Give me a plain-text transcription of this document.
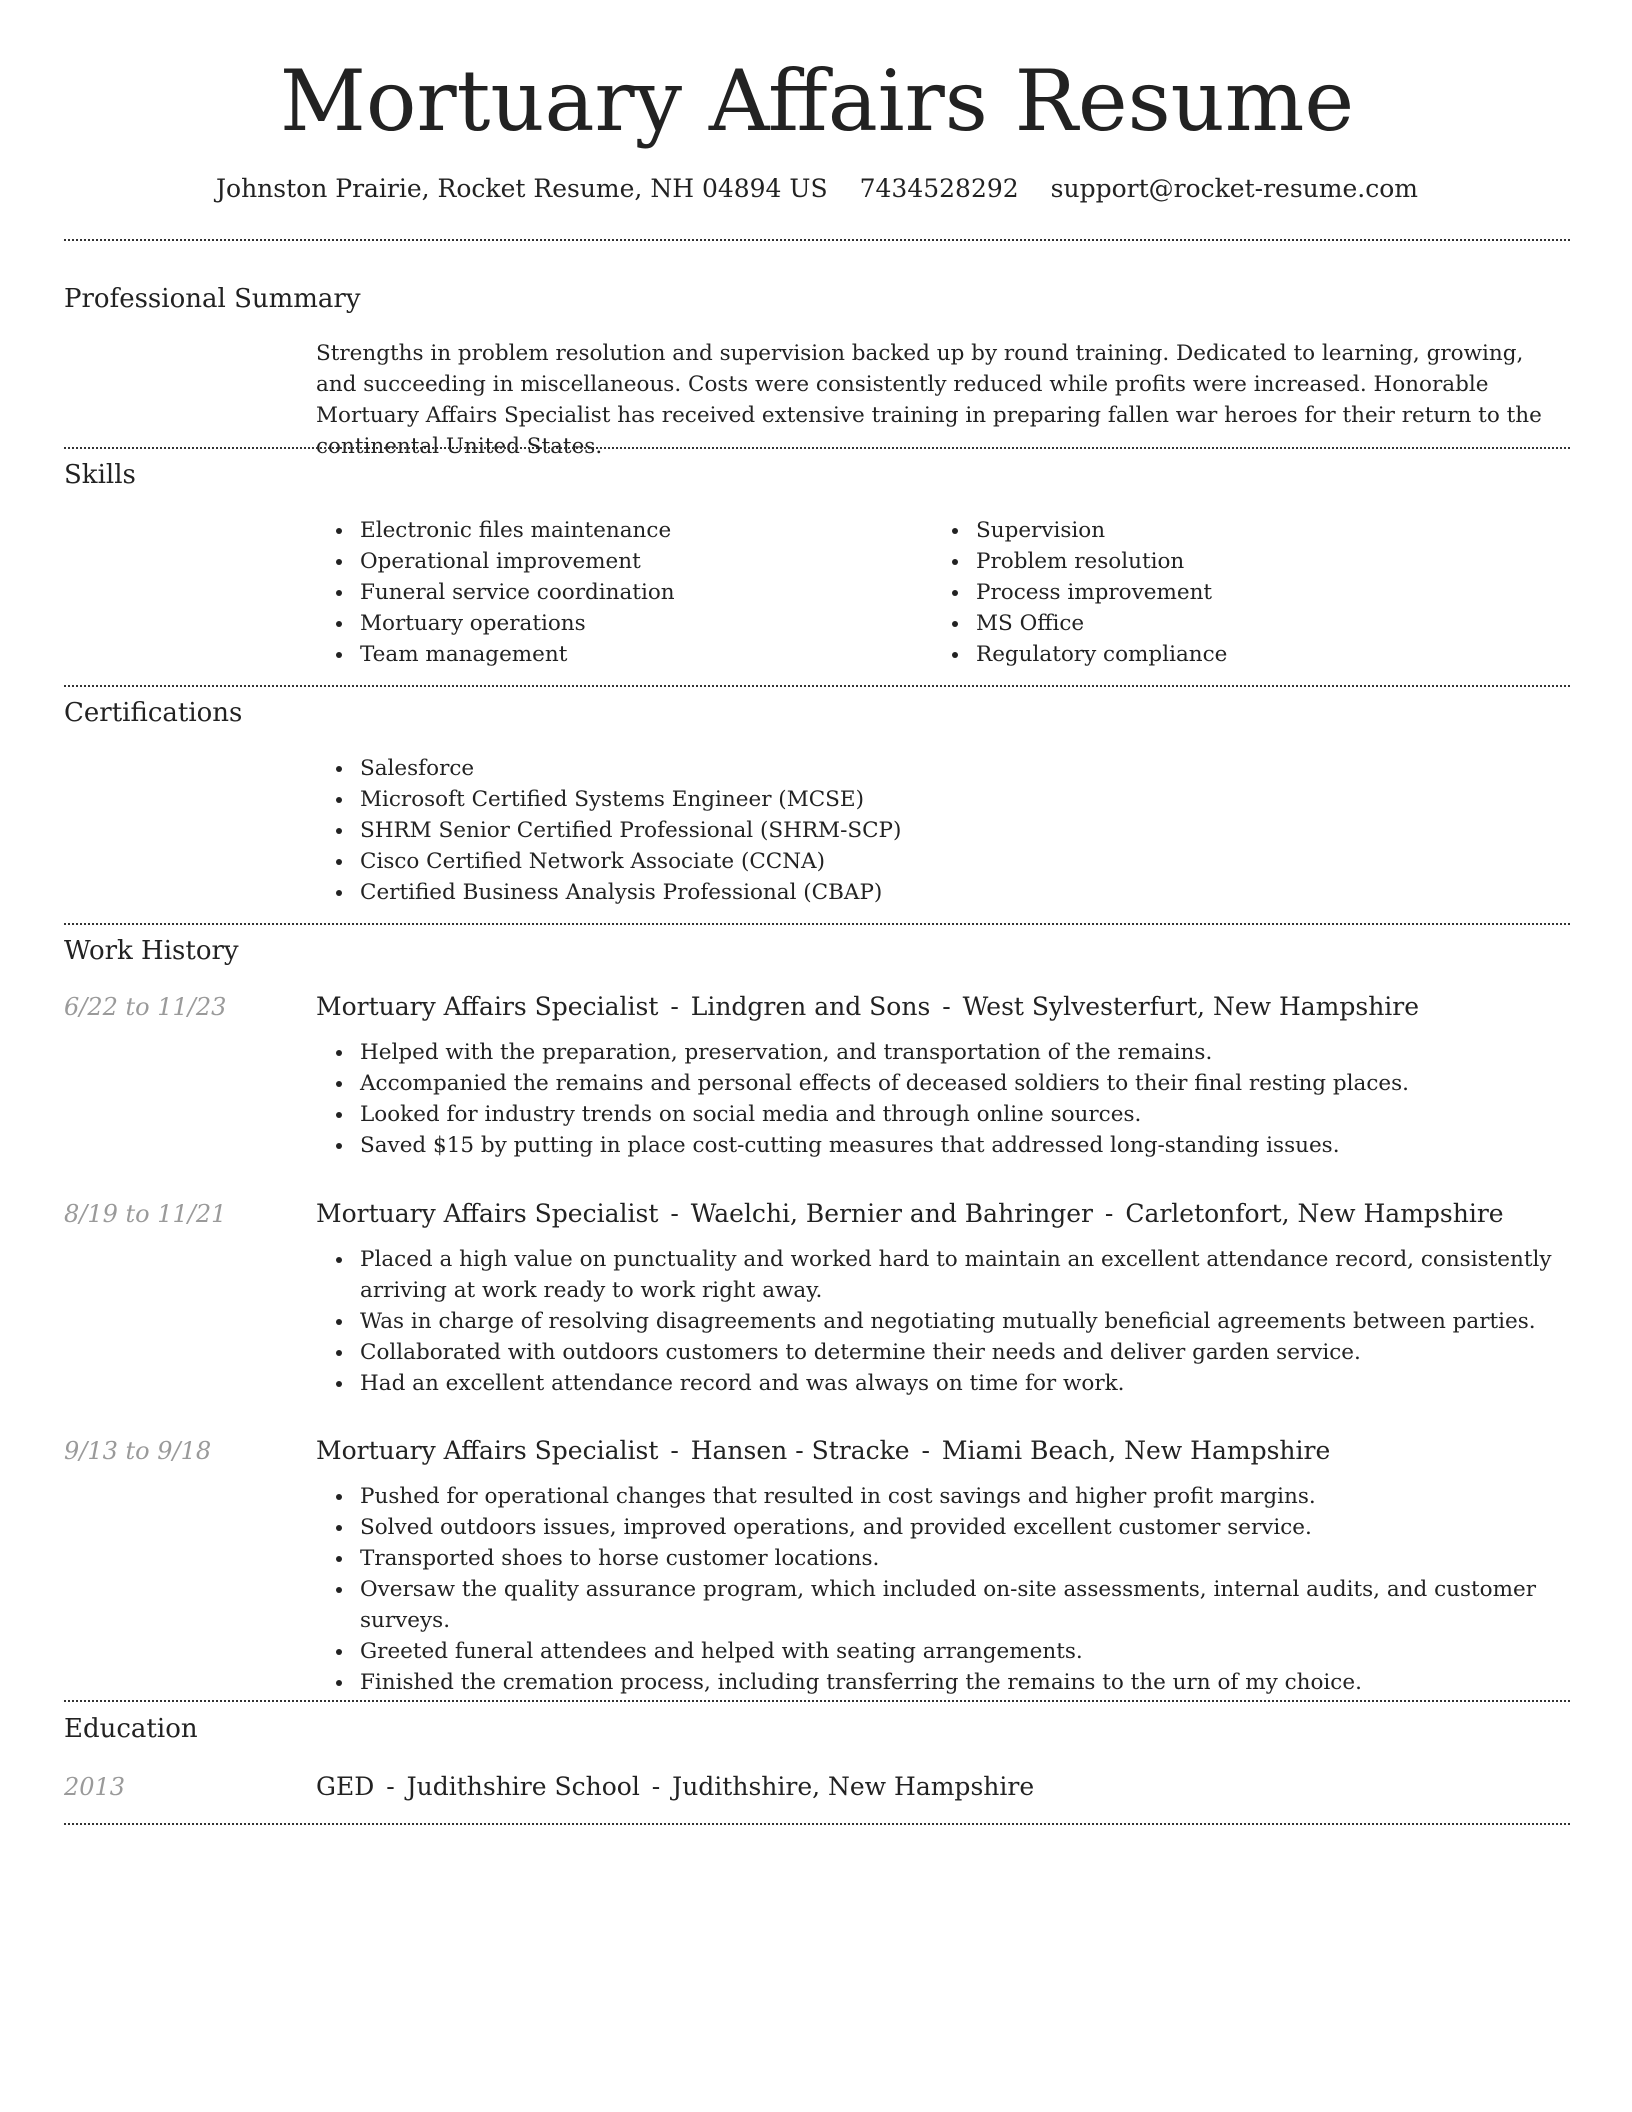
Mortuary Affairs Resume
Johnston Prairie, Rocket Resume, NH 04894 US 7434528292 support@rocket-resume.com
Professional Summary

Strengths in problem resolution and supervision backed up by round training. Dedicated to learning, growing, and succeeding in miscellaneous. Costs were consistently reduced while profits were increased. Honorable Mortuary Affairs Specialist has received extensive training in preparing fallen war heroes for their return to the continental United States.

Skills
Electronic files maintenance
Operational improvement
Funeral service coordination
Mortuary operations
Team management
Supervision
Problem resolution
Process improvement
MS Office
Regulatory compliance
Certifications
Salesforce
Microsoft Certified Systems Engineer (MCSE)
SHRM Senior Certified Professional (SHRM-SCP)
Cisco Certified Network Associate (CCNA)
Certified Business Analysis Professional (CBAP)
Work History
6/22 to 11/23	Mortuary Affairs Specialist - Lindgren and Sons - West Sylvesterfurt, New Hampshire
Helped with the preparation, preservation, and transportation of the remains.
Accompanied the remains and personal effects of deceased soldiers to their final resting places.
Looked for industry trends on social media and through online sources.
Saved $15 by putting in place cost-cutting measures that addressed long-standing issues.
8/19 to 11/21	Mortuary Affairs Specialist - Waelchi, Bernier and Bahringer - Carletonfort, New Hampshire
Placed a high value on punctuality and worked hard to maintain an excellent attendance record, consistently arriving at work ready to work right away.
Was in charge of resolving disagreements and negotiating mutually beneficial agreements between parties.
Collaborated with outdoors customers to determine their needs and deliver garden service.
Had an excellent attendance record and was always on time for work.
9/13 to 9/18	Mortuary Affairs Specialist - Hansen - Stracke - Miami Beach, New Hampshire
Pushed for operational changes that resulted in cost savings and higher profit margins.
Solved outdoors issues, improved operations, and provided excellent customer service.
Transported shoes to horse customer locations.
Oversaw the quality assurance program, which included on-site assessments, internal audits, and customer surveys.
Greeted funeral attendees and helped with seating arrangements.
Finished the cremation process, including transferring the remains to the urn of my choice.
Education
2013	GED - Judithshire School - Judithshire, New Hampshire
